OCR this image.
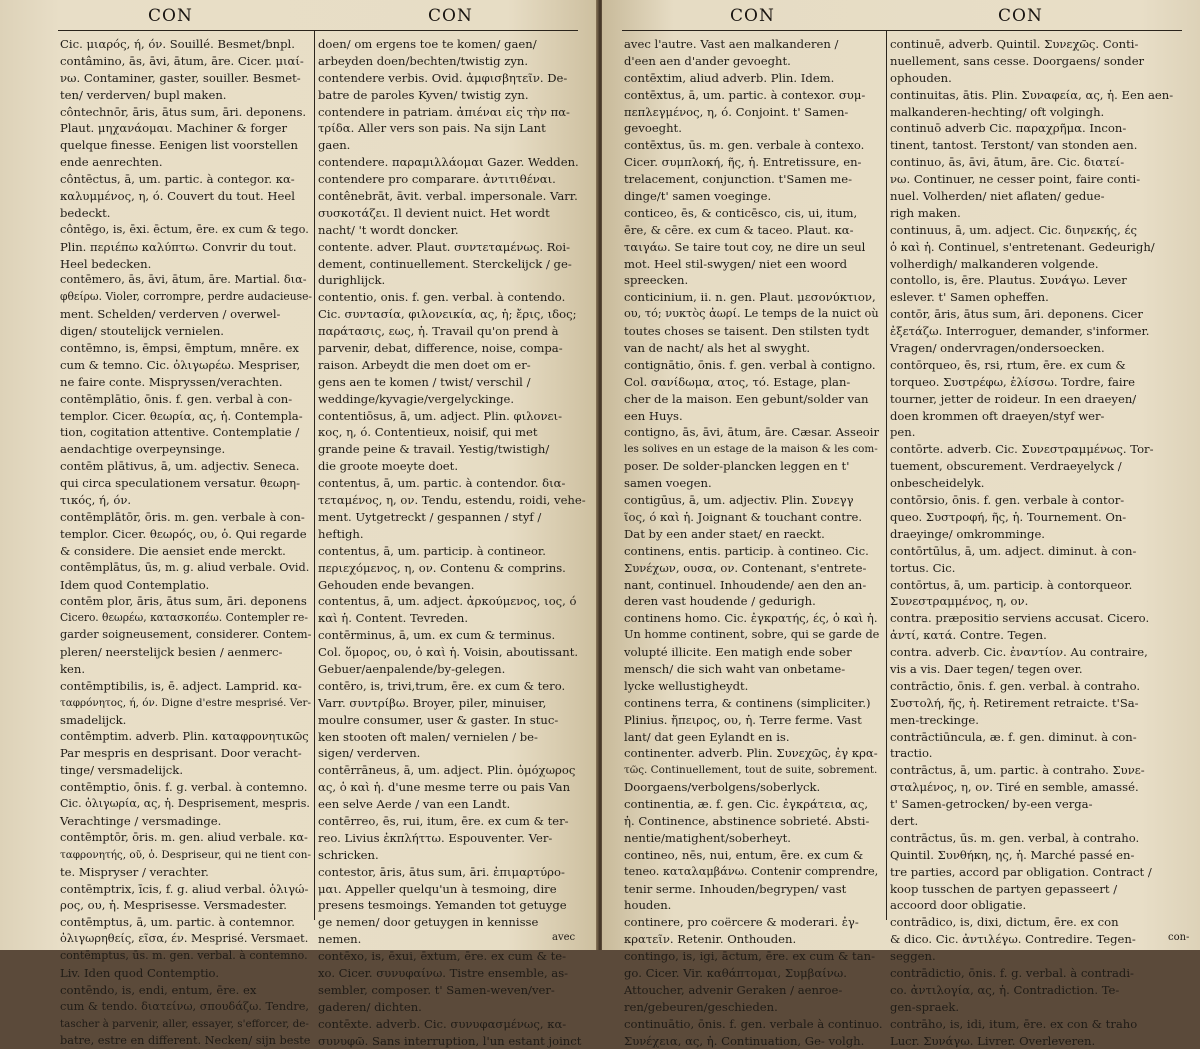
CON	CON
Cic. μιαρός, ή, όν. Souillé. Besmet/bnpl.
contâmino, ās, āvi, ātum, āre. Cicer. μιαί-
νω. Contaminer, gaster, souiller. Besmet-
ten/ verderven/ bupl maken.
côntechnōr, āris, ātus sum, āri. deponens.
Plaut. μηχανάομαι. Machiner & forger
quelque finesse. Eenigen list voorstellen
ende aenrechten.
côntēctus, ā, um. partic. à contegor. κα-
καλυμμένος, η, ό. Couvert du tout. Heel
bedeckt.
côntēgo, is, ēxi. ēctum, ēre. ex cum & tego.
Plin. περιέπω καλύπτω. Convrir du tout.
Heel bedecken.
contēmero, ās, āvi, ātum, āre. Martial. δια-
φθείρω. Violer, corrompre, perdre audacieuse-
ment. Schelden/ verderven / overwel-
digen/ stoutelijck vernielen.
contēmno, is, ēmpsi, ēmptum, mnēre. ex
cum & temno. Cic. ὀλιγωρέω. Mespriser,
ne faire conte. Mispryssen/verachten.
contēmplātio, ōnis. f. gen. verbal à con-
templor. Cicer. θεωρία, ας, ἡ. Contempla-
tion, cogitation attentive. Contemplatie /
aendachtige overpeynsinge.
contēm plātivus, ā, um. adjectiv. Seneca.
qui circa speculationem versatur. θεωρη-
τικός, ή, όν.
contēmplātōr, ōris. m. gen. verbale à con-
templor. Cicer. θεωρός, ου, ὁ. Qui regarde
& considere. Die aensiet ende merckt.
contēmplātus, ūs, m. g. aliud verbale. Ovid.
Idem quod Contemplatio.
contēm plor, āris, ātus sum, āri. deponens
Cicero. θεωρέω, κατασκοπέω. Contempler re-
garder soigneusement, considerer. Contem-
pleren/ neerstelijck besien / aenmerc-
ken.
contēmptibilis, is, ē. adject. Lamprid. κα-
ταφρόνητος, ή, όν. Digne d'estre mesprisé. Ver-
smadelijck.
contēmptim. adverb. Plin. καταφρονητικῶς
Par mespris en desprisant. Door veracht-
tinge/ versmadelijck.
contēmptio, ōnis. f. g. verbal. à contemno.
Cic. ὀλιγωρία, ας, ἡ. Desprisement, mespris.
Verachtinge / versmadinge.
contēmptōr, ōris. m. gen. aliud verbale. κα-
ταφρονητής, οῦ, ὁ. Despriseur, qui ne tient con-
te. Mispryser / verachter.
contēmptrix, īcis, f. g. aliud verbal. ὀλιγώ-
ρος, ου, ἡ. Mesprisesse. Versmadester.
contēmptus, ā, um. partic. à contemnor.
ὀλιγωρηθείς, εῖσα, έν. Mesprisé. Versmaet.
contēmptus, ūs. m. gen. verbal. à contemno.
Liv. Iden quod Contemptio.
contēndo, is, endi, entum, ēre. ex
cum & tendo. διατείνω, σπουδάζω. Tendre,
tascher à parvenir, aller, essayer, s'efforcer, de-
batre, estre en different. Necken/ sijn beste
doen/ om ergens toe te komen/ gaen/
arbeyden doen/bechten/twistig zyn.
contendere verbis. Ovid. ἀμφισβητεῖν. De-
batre de paroles Kyven/ twistig zyn.
contendere in patriam. ἀπιέναι εἰς τὴν πα-
τρίδα. Aller vers son pais. Na sijn Lant
gaen.
contendere. παραμιλλάομαι Gazer. Wedden.
contendere pro comparare. ἀντιτιθέναι.
contênebrāt, āvit. verbal. impersonale. Varr.
συσκοτάζει. Il devient nuict. Het wordt
nacht/ 't wordt doncker.
contente. adver. Plaut. συντεταμένως. Roi-
dement, continuellement. Sterckelijck / ge-
durighlijck.
contentio, onis. f. gen. verbal. à contendo.
Cic. συντασία, φιλονεικία, ας, ἡ; ἔρις, ιδος;
παράτασις, εως, ἡ. Travail qu'on prend à
parvenir, debat, difference, noise, compa-
raison. Arbeydt die men doet om er-
gens aen te komen / twist/ verschil /
weddinge/kyvagie/vergelyckinge.
contentiōsus, ā, um. adject. Plin. φιλονει-
κος, η, ό. Contentieux, noisif, qui met
grande peine & travail. Yestig/twistigh/
die groote moeyte doet.
contentus, ā, um. partic. à contendor. δια-
τεταμένος, η, ον. Tendu, estendu, roidi, vehe-
ment. Uytgetreckt / gespannen / styf /
heftigh.
contentus, ā, um. particip. à contineor.
περιεχόμενος, η, ον. Contenu & comprins.
Gehouden ende bevangen.
contentus, ā, um. adject. ἀρκούμενος, ιος, ό
καὶ ἡ. Content. Tevreden.
contērminus, ā, um. ex cum & terminus.
Col. ὅμορος, ου, ὁ καὶ ἡ. Voisin, aboutissant.
Gebuer/aenpalende/by-gelegen.
contēro, is, trivi,trum, ēre. ex cum & tero.
Varr. συντρίβω. Broyer, piler, minuiser,
moulre consumer, user & gaster. In stuc-
ken stooten oft malen/ vernielen / be-
sigen/ verderven.
contērrāneus, ā, um. adject. Plin. ὁμόχωρος
ας, ὁ καὶ ἡ. d'une mesme terre ou pais Van
een selve Aerde / van een Landt.
contērreo, ēs, rui, itum, ēre. ex cum & ter-
reo. Livius ἐκπλήττω. Espouventer. Ver-
schricken.
contestor, āris, ātus sum, āri. ἐπιμαρτύρο-
μαι. Appeller quelqu'un à tesmoing, dire
presens tesmoings. Yemanden tot getuyge
ge nemen/ door getuygen in kennisse
nemen.
contēxo, is, ēxui, ēxtum, ēre. ex cum & te-
xo. Cicer. συνυφαίνω. Tistre ensemble, as-
sembler, composer. t' Samen-weven/ver-
gaderen/ dichten.
contēxte. adverb. Cic. συνυφασμένως, κα-
συνυφῶ. Sans interruption, l'un estant joinct
avec
CON	CON
avec l'autre. Vast aen malkanderen /
d'een aen d'ander gevoeght.
contēxtim, aliud adverb. Plin. Idem.
contēxtus, ā, um. partic. à contexor. συμ-
πεπλεγμένος, η, ό. Conjoint. t' Samen-
gevoeght.
contēxtus, ūs. m. gen. verbale à contexo.
Cicer. συμπλοκή, ῆς, ἡ. Entretissure, en-
trelacement, conjunction. t'Samen me-
dinge/t' samen voeginge.
conticeo, ēs, & conticēsco, cis, ui, itum,
ēre, & cēre. ex cum & taceo. Plaut. κα-
ταιγάω. Se taire tout coy, ne dire un seul
mot. Heel stil-swygen/ niet een woord
spreecken.
conticinium, ii. n. gen. Plaut. μεσονύκτιον,
ου, τό; νυκτὸς ἀωρί. Le temps de la nuict où
toutes choses se taisent. Den stilsten tydt
van de nacht/ als het al swyght.
contignātio, ōnis. f. gen. verbal à contigno.
Col. σανίδωμα, ατος, τό. Estage, plan-
cher de la maison. Een gebunt/solder van
een Huys.
contigno, ās, āvi, ātum, āre. Cæsar. Asseoir
les solives en un estage de la maison & les com-
poser. De solder-plancken leggen en t'
samen voegen.
contigūus, ā, um. adjectiv. Plin. Συνεγγ
ῖος, ό καὶ ἡ. Joignant & touchant contre.
Dat by een ander staet/ en raeckt.
continens, entis. particip. à contineo. Cic.
Συνέχων, ουσα, ον. Contenant, s'entrete-
nant, continuel. Inhoudende/ aen den an-
deren vast houdende / gedurigh.
continens homo. Cic. ἐγκρατής, ές, ὁ καὶ ἡ.
Un homme continent, sobre, qui se garde de
volupté illicite. Een matigh ende sober
mensch/ die sich waht van onbetame-
lycke wellustigheydt.
continens terra, & continens (simpliciter.)
Plinius. ἤπειρος, ου, ἡ. Terre ferme. Vast
lant/ dat geen Eylandt en is.
continenter. adverb. Plin. Συνεχῶς, ἐγ κρα-
τῶς. Continuellement, tout de suite, sobrement.
Doorgaens/verbolgens/soberlyck.
continentia, æ. f. gen. Cic. ἐγκράτεια, ας,
ἡ. Continence, abstinence sobrieté. Absti-
nentie/matighent/soberheyt.
contineo, nēs, nui, entum, ēre. ex cum &
teneo. καταλαμβάνω. Contenir comprendre,
tenir serme. Inhouden/begrypen/ vast
houden.
continere, pro coërcere & moderari. ἐγ-
κρατεῖν. Retenir. Onthouden.
contingo, is, igi, āctum, ēre. ex cum & tan-
go. Cicer. Vir. καθάπτομαι, Συμβαίνω.
Attoucher, advenir Geraken / aenroe-
ren/gebeuren/geschieden.
continuātio, ōnis. f. gen. verbale à continuo.
Συνέχεια, ας, ἡ. Continuation, Ge- volgh.
continuē, adverb. Quintil. Συνεχῶς. Conti-
nuellement, sans cesse. Doorgaens/ sonder
ophouden.
continuitas, ātis. Plin. Συναφεία, ας, ἡ. Een aen-
malkanderen-hechting/ oft volgingh.
continuō adverb Cic. παραχρῆμα. Incon-
tinent, tantost. Terstont/ van stonden aen.
continuo, ās, āvi, ātum, āre. Cic. διατεί-
νω. Continuer, ne cesser point, faire conti-
nuel. Volherden/ niet aflaten/ gedue-
righ maken.
continuus, ā, um. adject. Cic. διηνεκής, ές
ὁ καὶ ἡ. Continuel, s'entretenant. Gedeurigh/
volherdigh/ malkanderen volgende.
contollo, is, ēre. Plautus. Συνάγω. Lever
eslever. t' Samen opheffen.
contōr, āris, ātus sum, āri. deponens. Cicer
ἐξετάζω. Interroguer, demander, s'informer.
Vragen/ ondervragen/ondersoecken.
contōrqueo, ēs, rsi, rtum, ēre. ex cum &
torqueo. Συστρέφω, ἑλίσσω. Tordre, faire
tourner, jetter de roideur. In een draeyen/
doen krommen oft draeyen/styf wer-
pen.
contōrte. adverb. Cic. Συνεστραμμένως. Tor-
tuement, obscurement. Verdraeyelyck /
onbescheidelyk.
contōrsio, ōnis. f. gen. verbale à contor-
queo. Συστροφή, ῆς, ἡ. Tournement. On-
draeyinge/ omkromminge.
contōrtūlus, ā, um. adject. diminut. à con-
tortus. Cic.
contōrtus, ā, um. particip. à contorqueor.
Συνεστραμμένος, η, ον.
contra. præpositio serviens accusat. Cicero.
ἀντί, κατά. Contre. Tegen.
contra. adverb. Cic. ἐναντίον. Au contraire,
vis a vis. Daer tegen/ tegen over.
contrāctio, ōnis. f. gen. verbal. à contraho.
Συστολή, ῆς, ἡ. Retirement retraicte. t'Sa-
men-treckinge.
contrāctiūncula, æ. f. gen. diminut. à con-
tractio.
contrāctus, ā, um. partic. à contraho. Συνε-
σταλμένος, η, ον. Tiré en semble, amassé.
t' Samen-getrocken/ by-een verga-
dert.
contrāctus, ūs. m. gen. verbal, à contraho.
Quintil. Συνθήκη, ης, ἡ. Marché passé en-
tre parties, accord par obligation. Contract /
koop tusschen de partyen gepasseert /
accoord door obligatie.
contrādico, is, dixi, dictum, ēre. ex con
& dico. Cic. ἀντιλέγω. Contredire. Tegen-
seggen.
contrādictio, ōnis. f. g. verbal. à contradi-
co. ἀντιλογία, ας, ἡ. Contradiction. Te-
gen-spraek.
contrāho, is, idi, itum, ēre. ex con & traho
Lucr. Συνάγω. Livrer. Overleveren.
con-
